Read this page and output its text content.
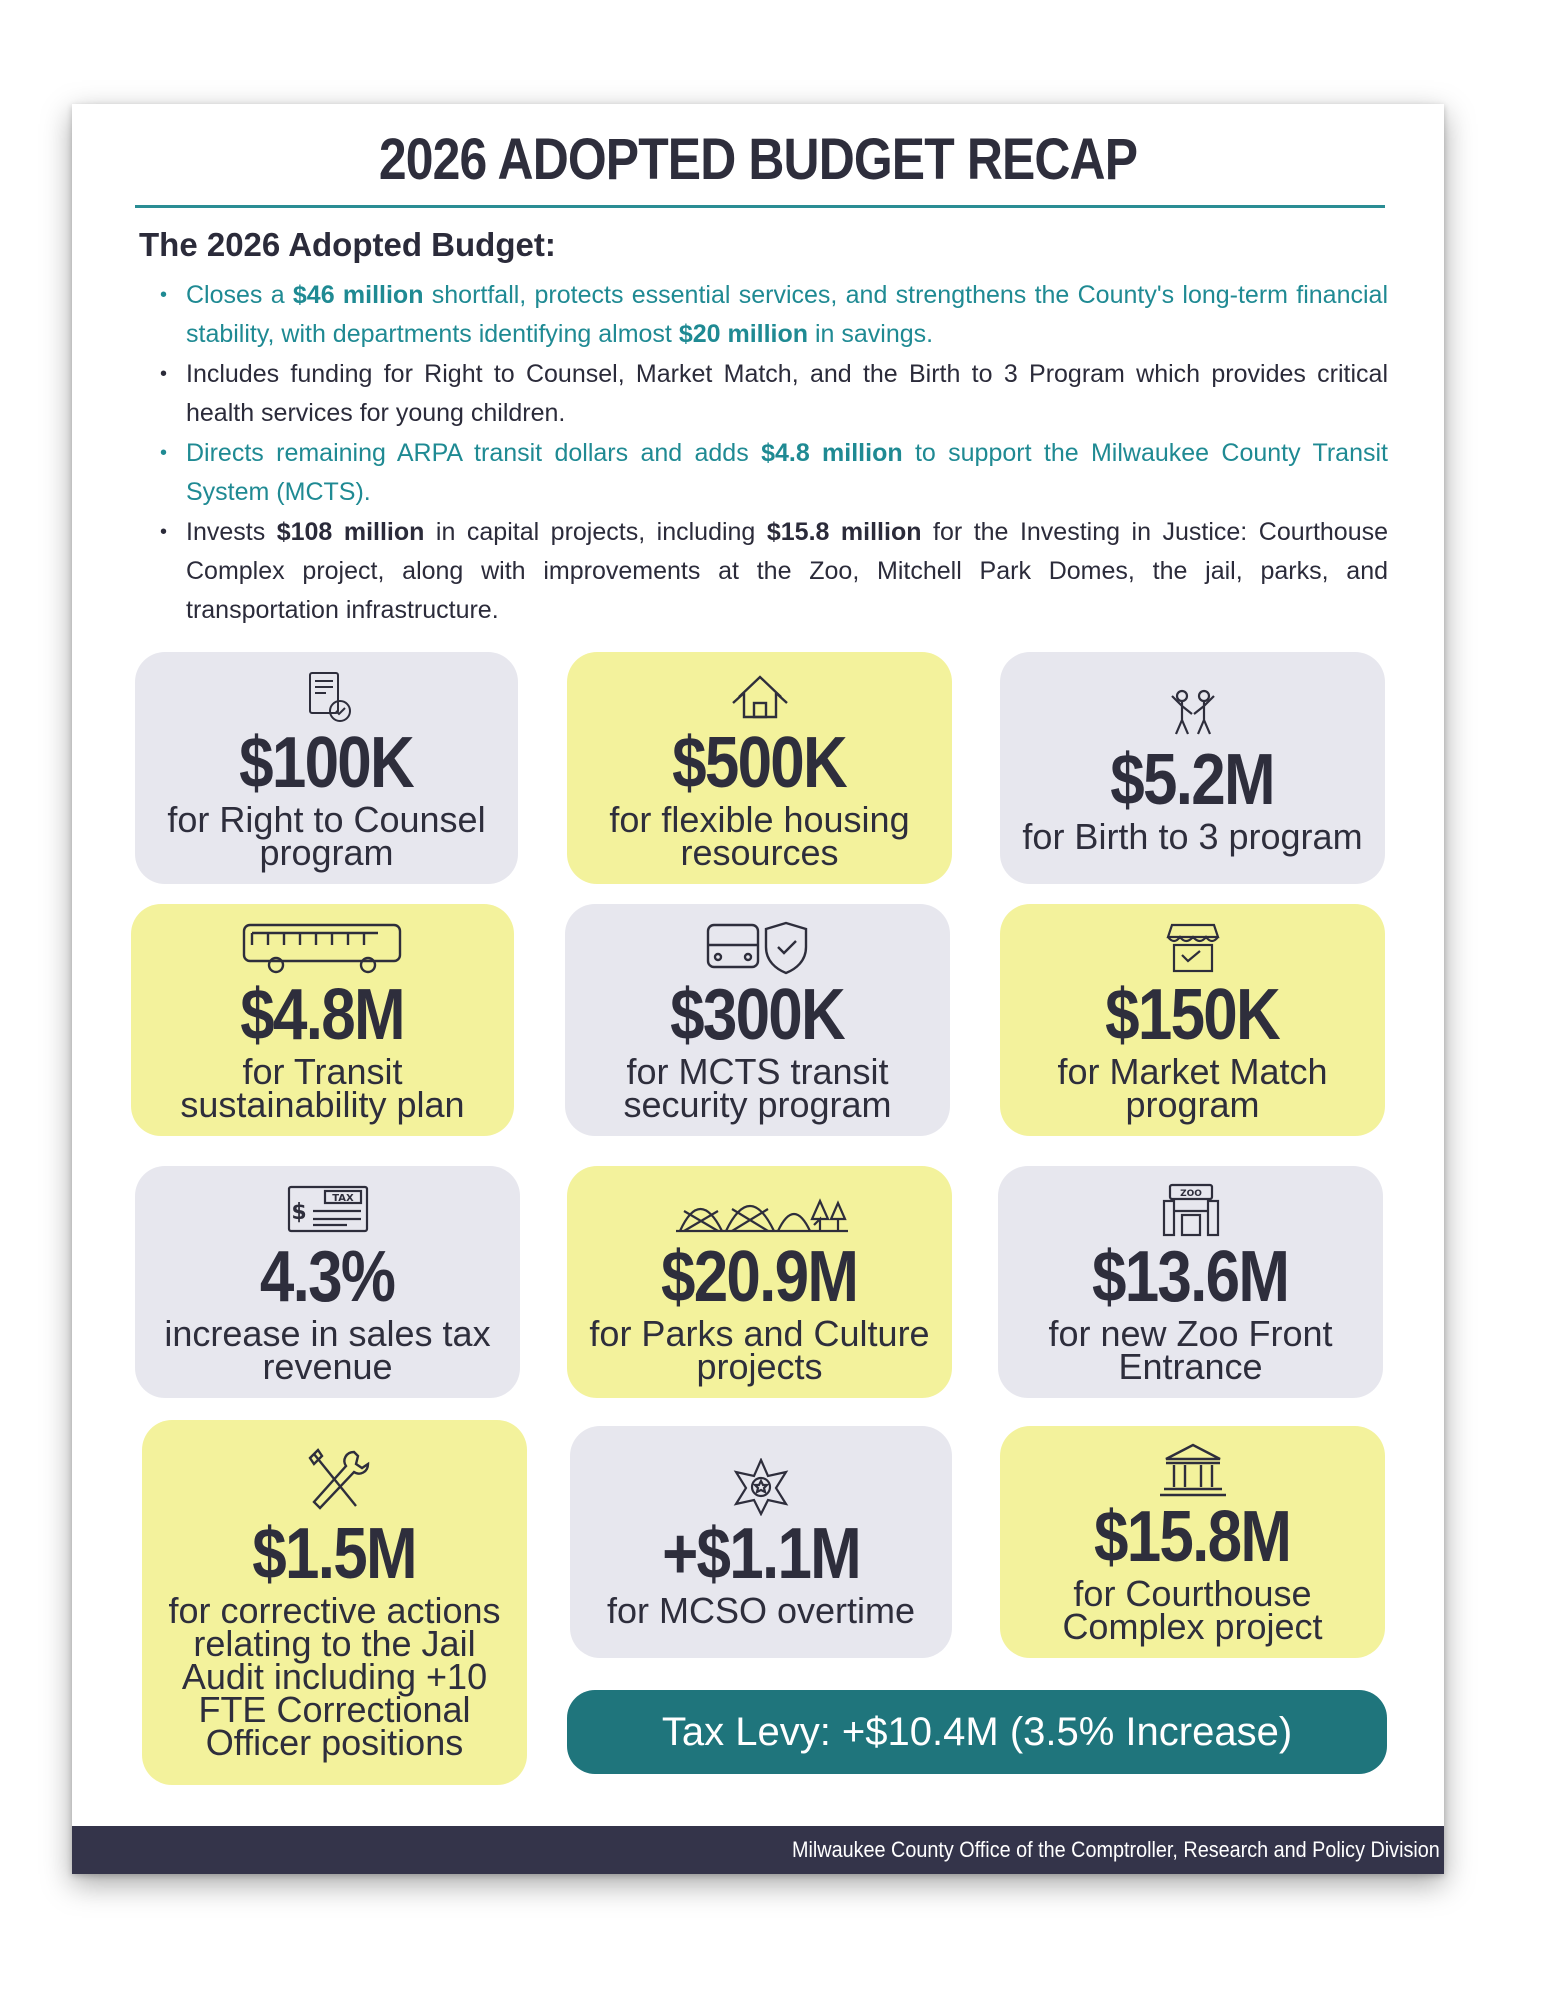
2026 ADOPTED BUDGET RECAP
The 2026 Adopted Budget:
• Closes a $46 million shortfall, protects essential services, and strengthens the County's long-term financial stability, with departments identifying almost $20 million in savings.
• Includes funding for Right to Counsel, Market Match, and the Birth to 3 Program which provides critical health services for young children.
• Directs remaining ARPA transit dollars and adds $4.8 million to support the Milwaukee County Transit System (MCTS).
• Invests $108 million in capital projects, including $15.8 million for the Investing in Justice: Courthouse Complex project, along with improvements at the Zoo, Mitchell Park Domes, the jail, parks, and transportation infrastructure.
$100K
for Right to Counsel program
$500K
for flexible housing resources
$5.2M
for Birth to 3 program
$4.8M
for Transit sustainability plan
$300K
for MCTS transit security program
$150K
for Market Match program
TAX
$
4.3%
increase in sales tax revenue
$20.9M
for Parks and Culture projects
ZOO
$13.6M
for new Zoo Front Entrance
$1.5M
for corrective actions relating to the Jail Audit including +10 FTE Correctional Officer positions
+$1.1M
for MCSO overtime
$15.8M
for Courthouse Complex project
Tax Levy: +$10.4M (3.5% Increase)
Milwaukee County Office of the Comptroller, Research and Policy Division
